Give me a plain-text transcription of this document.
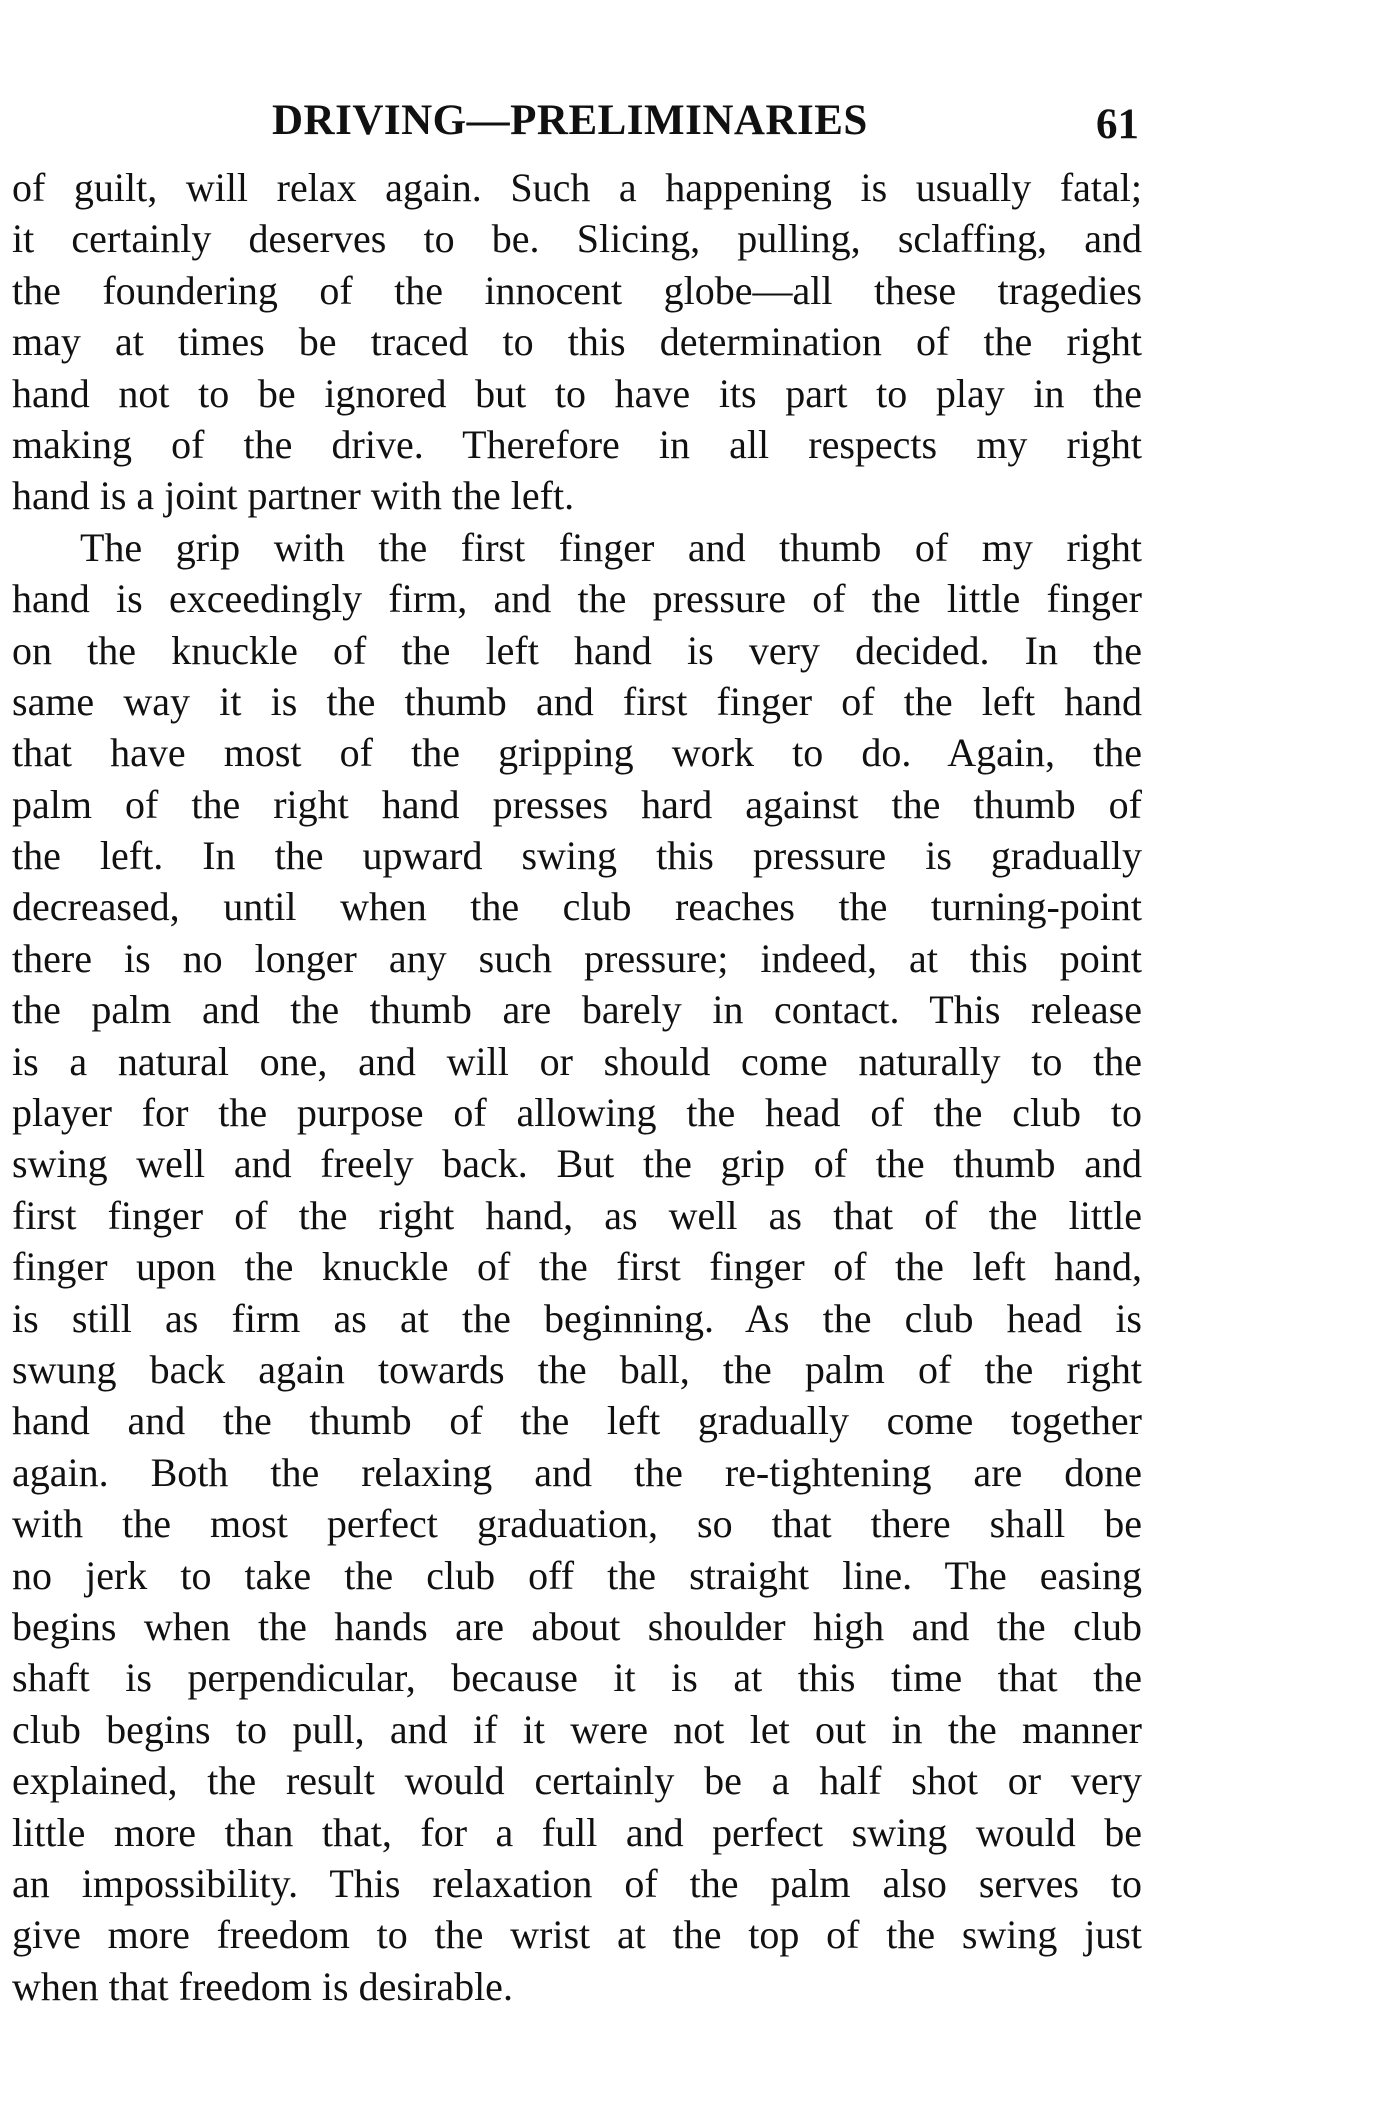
DRIVING—PRELIMINARIES	61
of guilt, will relax again. Such a happening is usually fatal;
it certainly deserves to be. Slicing, pulling, sclaffing, and
the foundering of the innocent globe—all these tragedies
may at times be traced to this determination of the right
hand not to be ignored but to have its part to play in the
making of the drive. Therefore in all respects my right
hand is a joint partner with the left.
The grip with the first finger and thumb of my right
hand is exceedingly firm, and the pressure of the little finger
on the knuckle of the left hand is very decided. In the
same way it is the thumb and first finger of the left hand
that have most of the gripping work to do. Again, the
palm of the right hand presses hard against the thumb of
the left. In the upward swing this pressure is gradually
decreased, until when the club reaches the turning-point
there is no longer any such pressure; indeed, at this point
the palm and the thumb are barely in contact. This release
is a natural one, and will or should come naturally to the
player for the purpose of allowing the head of the club to
swing well and freely back. But the grip of the thumb and
first finger of the right hand, as well as that of the little
finger upon the knuckle of the first finger of the left hand,
is still as firm as at the beginning. As the club head is
swung back again towards the ball, the palm of the right
hand and the thumb of the left gradually come together
again. Both the relaxing and the re-tightening are done
with the most perfect graduation, so that there shall be
no jerk to take the club off the straight line. The easing
begins when the hands are about shoulder high and the club
shaft is perpendicular, because it is at this time that the
club begins to pull, and if it were not let out in the manner
explained, the result would certainly be a half shot or very
little more than that, for a full and perfect swing would be
an impossibility. This relaxation of the palm also serves to
give more freedom to the wrist at the top of the swing just
when that freedom is desirable.
